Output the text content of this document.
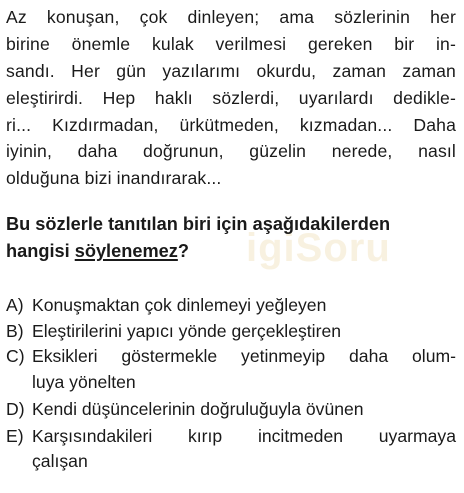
Az konuşan, çok dinleyen; ama sözlerinin her
birine önemle kulak verilmesi gereken bir in-
sandı. Her gün yazılarımı okurdu, zaman zaman
eleştirirdi. Hep haklı sözlerdi, uyarılardı dedikle-
ri... Kızdırmadan, ürkütmeden, kızmadan... Daha
iyinin, daha doğrunun, güzelin nerede, nasıl
olduğuna bizi inandırarak...
igiSoru
Bu sözlerle tanıtılan biri için aşağıdakilerden
hangisi söylenemez?
A) Konuşmaktan çok dinlemeyi yeğleyen
B) Eleştirilerini yapıcı yönde gerçekleştiren
C) Eksikleri göstermekle yetinmeyip daha olum-
luya yönelten
D) Kendi düşüncelerinin doğruluğuyla övünen
E) Karşısındakileri kırıp incitmeden uyarmaya
çalışan
